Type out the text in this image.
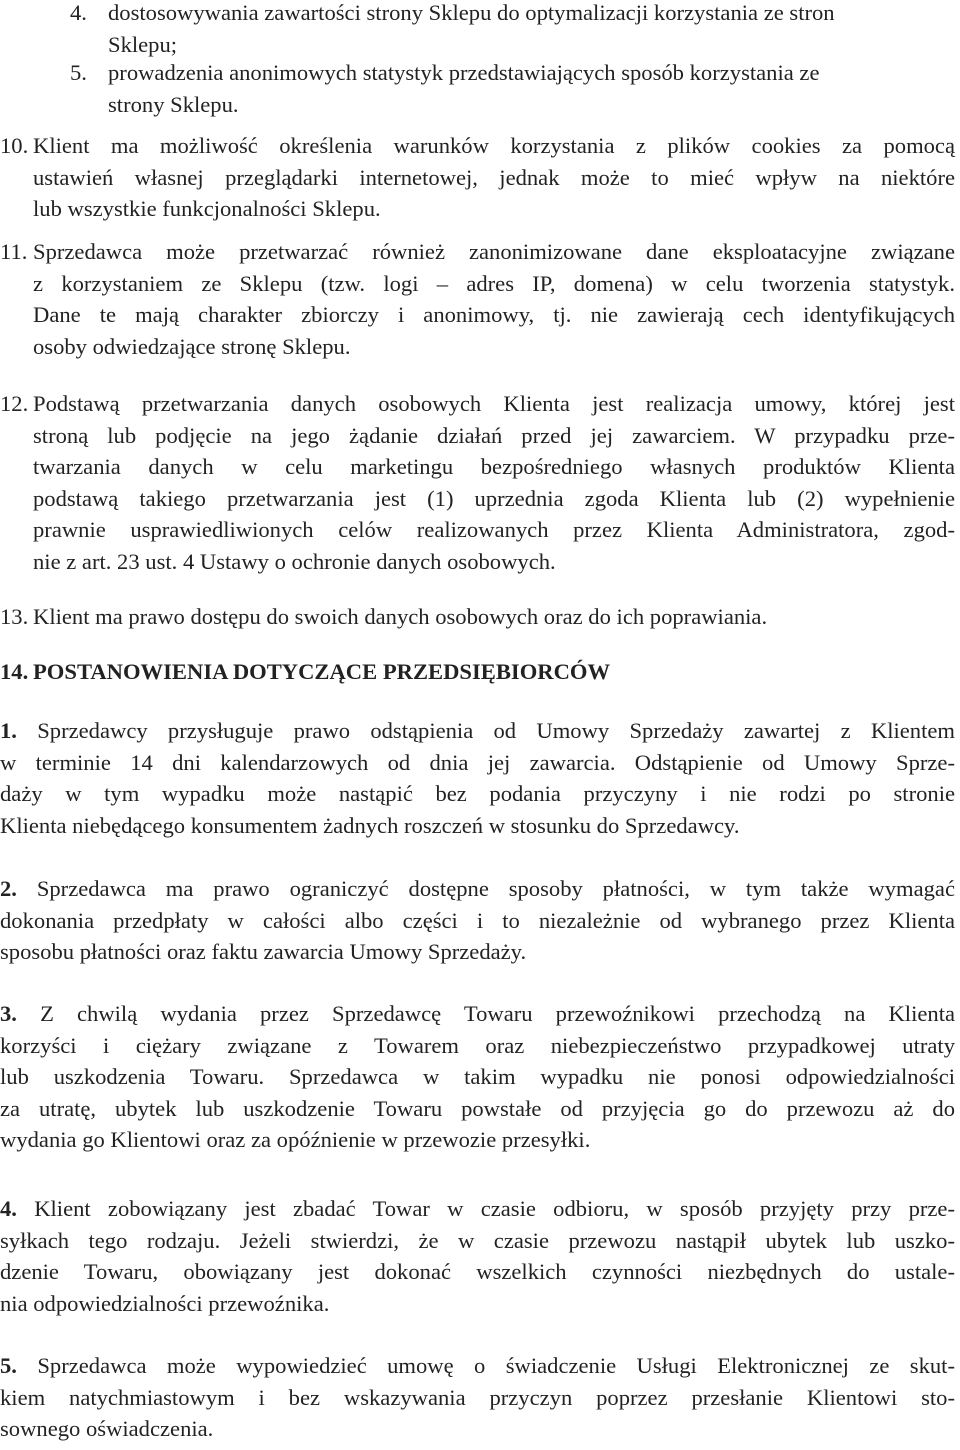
4. dostosowywania zawartości strony Sklepu do optymalizacji korzystania ze stron
Sklepu;
5. prowadzenia anonimowych statystyk przedstawiających sposób korzystania ze
strony Sklepu.
10. Klient ma możliwość określenia warunków korzystania z plików cookies za pomocą
ustawień własnej przeglądarki internetowej, jednak może to mieć wpływ na niektóre
lub wszystkie funkcjonalności Sklepu.
11. Sprzedawca może przetwarzać również zanonimizowane dane eksploatacyjne związane
z korzystaniem ze Sklepu (tzw. logi – adres IP, domena) w celu tworzenia statystyk.
Dane te mają charakter zbiorczy i anonimowy, tj. nie zawierają cech identyfikujących
osoby odwiedzające stronę Sklepu.
12. Podstawą przetwarzania danych osobowych Klienta jest realizacja umowy, której jest
stroną lub podjęcie na jego żądanie działań przed jej zawarciem. W przypadku prze-
twarzania danych w celu marketingu bezpośredniego własnych produktów Klienta
podstawą takiego przetwarzania jest (1) uprzednia zgoda Klienta lub (2) wypełnienie
prawnie usprawiedliwionych celów realizowanych przez Klienta Administratora, zgod-
nie z art. 23 ust. 4 Ustawy o ochronie danych osobowych.
13. Klient ma prawo dostępu do swoich danych osobowych oraz do ich poprawiania.
14. POSTANOWIENIA DOTYCZĄCE PRZEDSIĘBIORCÓW
1. Sprzedawcy przysługuje prawo odstąpienia od Umowy Sprzedaży zawartej z Klientem
w terminie 14 dni kalendarzowych od dnia jej zawarcia. Odstąpienie od Umowy Sprze-
daży w tym wypadku może nastąpić bez podania przyczyny i nie rodzi po stronie
Klienta niebędącego konsumentem żadnych roszczeń w stosunku do Sprzedawcy.
2. Sprzedawca ma prawo ograniczyć dostępne sposoby płatności, w tym także wymagać
dokonania przedpłaty w całości albo części i to niezależnie od wybranego przez Klienta
sposobu płatności oraz faktu zawarcia Umowy Sprzedaży.
3. Z chwilą wydania przez Sprzedawcę Towaru przewoźnikowi przechodzą na Klienta
korzyści i ciężary związane z Towarem oraz niebezpieczeństwo przypadkowej utraty
lub uszkodzenia Towaru. Sprzedawca w takim wypadku nie ponosi odpowiedzialności
za utratę, ubytek lub uszkodzenie Towaru powstałe od przyjęcia go do przewozu aż do
wydania go Klientowi oraz za opóźnienie w przewozie przesyłki.
4. Klient zobowiązany jest zbadać Towar w czasie odbioru, w sposób przyjęty przy prze-
syłkach tego rodzaju. Jeżeli stwierdzi, że w czasie przewozu nastąpił ubytek lub uszko-
dzenie Towaru, obowiązany jest dokonać wszelkich czynności niezbędnych do ustale-
nia odpowiedzialności przewoźnika.
5. Sprzedawca może wypowiedzieć umowę o świadczenie Usługi Elektronicznej ze skut-
kiem natychmiastowym i bez wskazywania przyczyn poprzez przesłanie Klientowi sto-
sownego oświadczenia.
